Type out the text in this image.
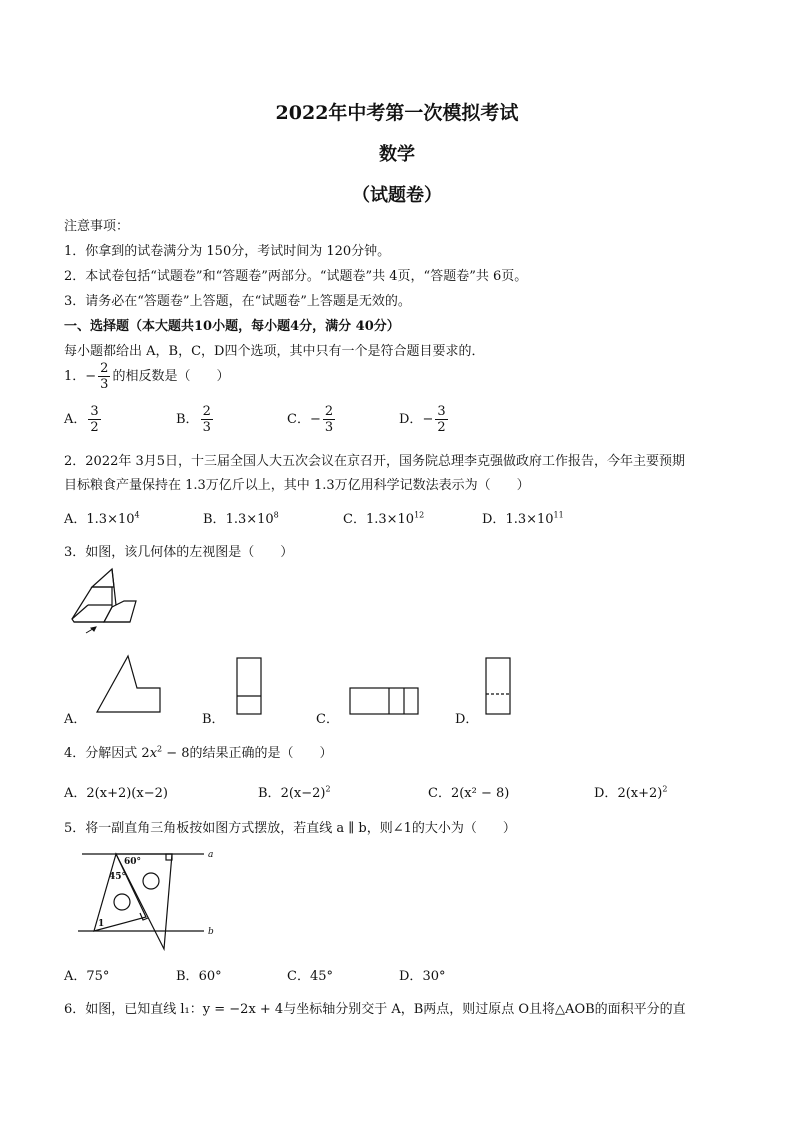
2022年中考第一次模拟考试
数学
（试题卷）
注意事项：
1．你拿到的试卷满分为 150分，考试时间为 120分钟。
2．本试卷包括“试题卷”和“答题卷”两部分。“试题卷”共 4页，“答题卷”共 6页。
3．请务必在“答题卷”上答题，在“试题卷”上答题是无效的。
一、选择题（本大题共10小题，每小题4分，满分 40分）
每小题都给出 A，B，C，D四个选项，其中只有一个是符合题目要求的．
1．− $\frac{2}{3}$ 的相反数是（　　）
A． $\frac{3}{2}$	B． $\frac{2}{3}$	C．− $\frac{2}{3}$	D．− $\frac{3}{2}$
2．2022年 3月5日，十三届全国人大五次会议在京召开，国务院总理李克强做政府工作报告，今年主要预期
目标粮食产量保持在 1.3万亿斤以上，其中 1.3万亿用科学记数法表示为（　　）
A．$1.3\times 10^4$	B．$1.3\times 10^8$	C．$1.3\times 10^{12}$	D．$1.3\times 10^{11}$
3．如图，该几何体的左视图是（　　）
A．	B．	C．	D．
4．分解因式 $2x^2 - 8$的结果正确的是（　　）
A．2(x+2)(x−2)	B．$2(x-2)^2$	C．2(x² − 8)	D．$2(x+2)^2$
5．将一副直角三角板按如图方式摆放，若直线 a ∥ b，则∠1的大小为（　　）
a
b
60°
45°
1
A．75°	B．60°	C．45°	D．30°
6．如图，已知直线 l₁：y = −2x + 4与坐标轴分别交于 A，B两点，则过原点 O且将△AOB的面积平分的直
